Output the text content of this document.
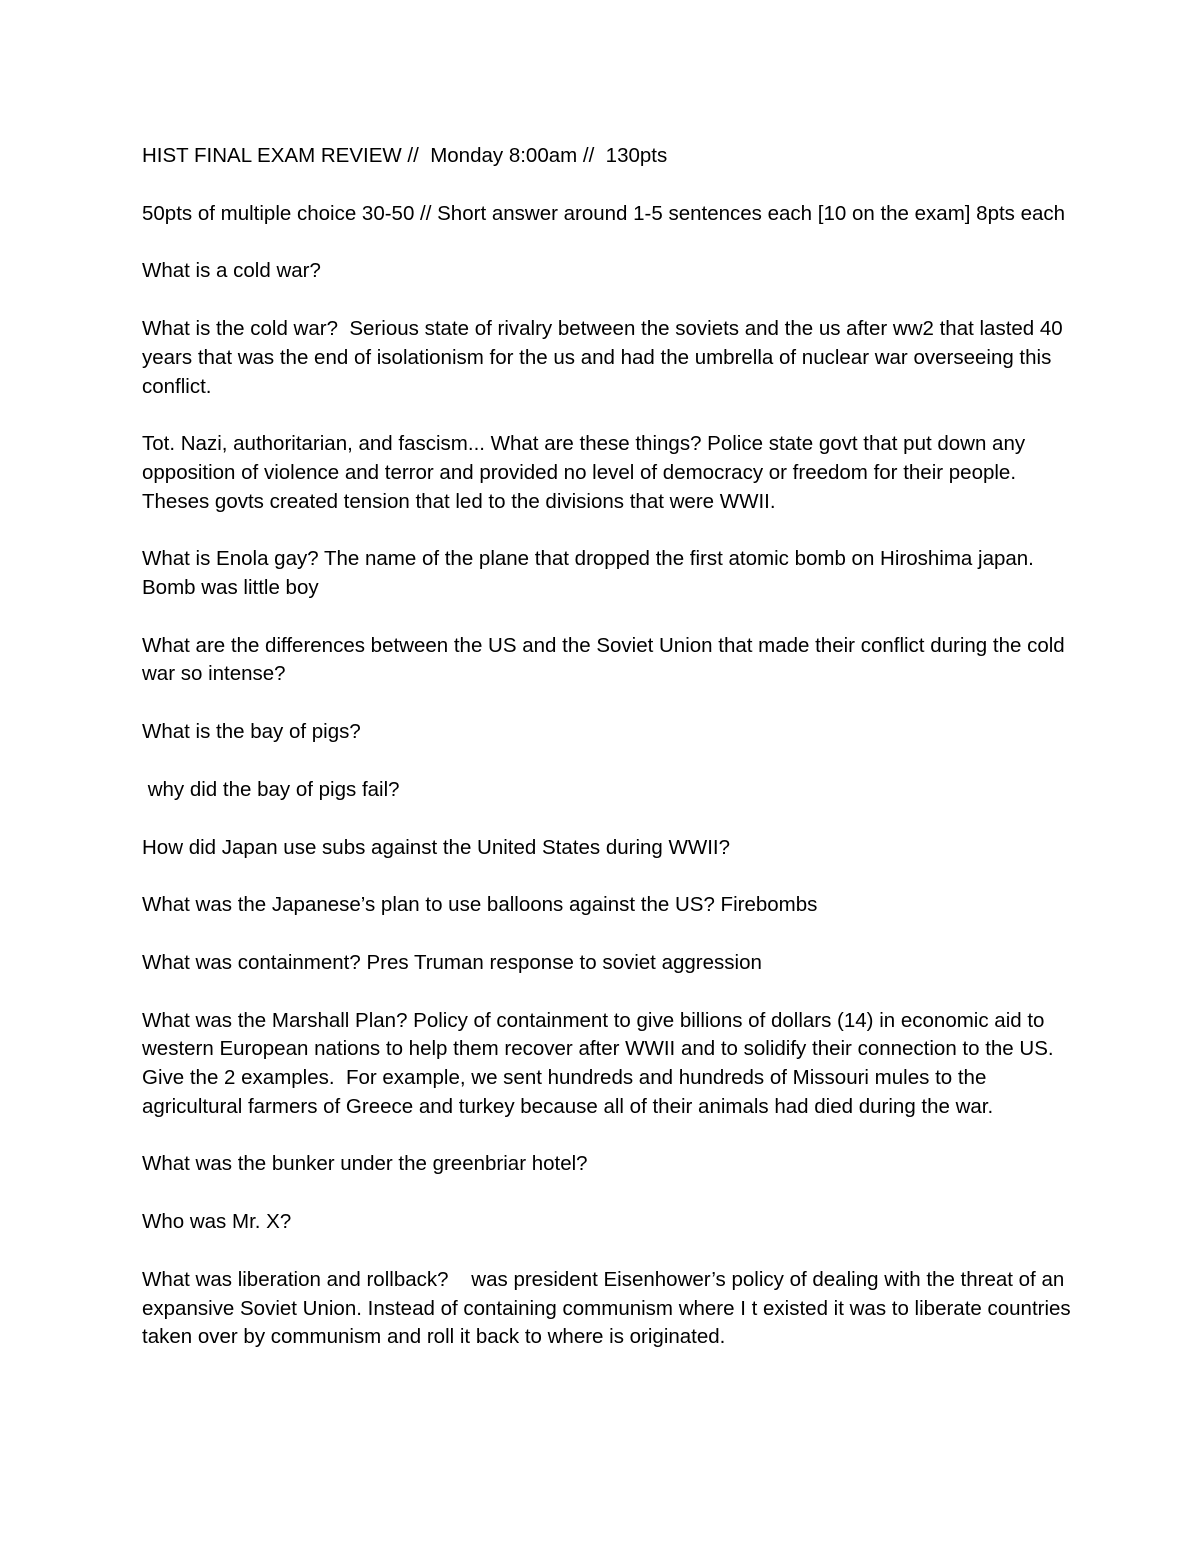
HIST FINAL EXAM REVIEW //  Monday 8:00am //  130pts

50pts of multiple choice 30-50 // Short answer around 1-5 sentences each [10 on the exam] 8pts each

What is a cold war?

What is the cold war?  Serious state of rivalry between the soviets and the us after ww2 that lasted 40 years that was the end of isolationism for the us and had the umbrella of nuclear war overseeing this conflict.

Tot. Nazi, authoritarian, and fascism... What are these things? Police state govt that put down any opposition of violence and terror and provided no level of democracy or freedom for their people. Theses govts created tension that led to the divisions that were WWII.

What is Enola gay? The name of the plane that dropped the first atomic bomb on Hiroshima japan. Bomb was little boy

What are the differences between the US and the Soviet Union that made their conflict during the cold war so intense?

What is the bay of pigs?

why did the bay of pigs fail?

How did Japan use subs against the United States during WWII?

What was the Japanese’s plan to use balloons against the US? Firebombs

What was containment? Pres Truman response to soviet aggression

What was the Marshall Plan? Policy of containment to give billions of dollars (14) in economic aid to western European nations to help them recover after WWII and to solidify their connection to the US. Give the 2 examples.  For example, we sent hundreds and hundreds of Missouri mules to the agricultural farmers of Greece and turkey because all of their animals had died during the war.

What was the bunker under the greenbriar hotel?

Who was Mr. X?

What was liberation and rollback?    was president Eisenhower’s policy of dealing with the threat of an expansive Soviet Union. Instead of containing communism where I t existed it was to liberate countries taken over by communism and roll it back to where is originated.
